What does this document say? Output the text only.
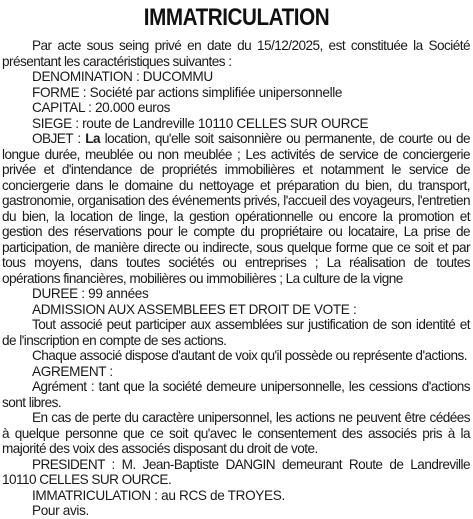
IMMATRICULATION

Par acte sous seing privé en date du 15/12/2025, est constituée la Société présentant les caractéristiques suivantes :

DENOMINATION : DUCOMMU

FORME : Société par actions simplifiée unipersonnelle

CAPITAL : 20.000 euros

SIEGE : route de Landreville 10110 CELLES SUR OURCE

OBJET : La location, qu'elle soit saisonnière ou permanente, de courte ou de longue durée, meublée ou non meublée ; Les activités de service de conciergerie privée et d'intendance de propriétés immobilières et notamment le service de conciergerie dans le domaine du nettoyage et préparation du bien, du transport, gastronomie, organisation des événements privés, l'accueil des voyageurs, l'entretien du bien, la location de linge, la gestion opérationnelle ou encore la promotion et gestion des réservations pour le compte du propriétaire ou locataire, La prise de participation, de manière directe ou indirecte, sous quelque forme que ce soit et par tous moyens, dans toutes sociétés ou entreprises ; La réalisation de toutes opérations financières, mobilières ou immobilières ; La culture de la vigne

DUREE : 99 années

ADMISSION AUX ASSEMBLEES ET DROIT DE VOTE :

Tout associé peut participer aux assemblées sur justification de son identité et de l'inscription en compte de ses actions.

Chaque associé dispose d'autant de voix qu'il possède ou représente d'actions.

AGREMENT :

Agrément : tant que la société demeure unipersonnelle, les cessions d'actions sont libres.

En cas de perte du caractère unipersonnel, les actions ne peuvent être cédées à quelque personne que ce soit qu'avec le consentement des associés pris à la majorité des voix des associés disposant du droit de vote.

PRESIDENT : M. Jean-Baptiste DANGIN demeurant Route de Landreville 10110 CELLES SUR OURCE.

IMMATRICULATION : au RCS de TROYES.

Pour avis.
